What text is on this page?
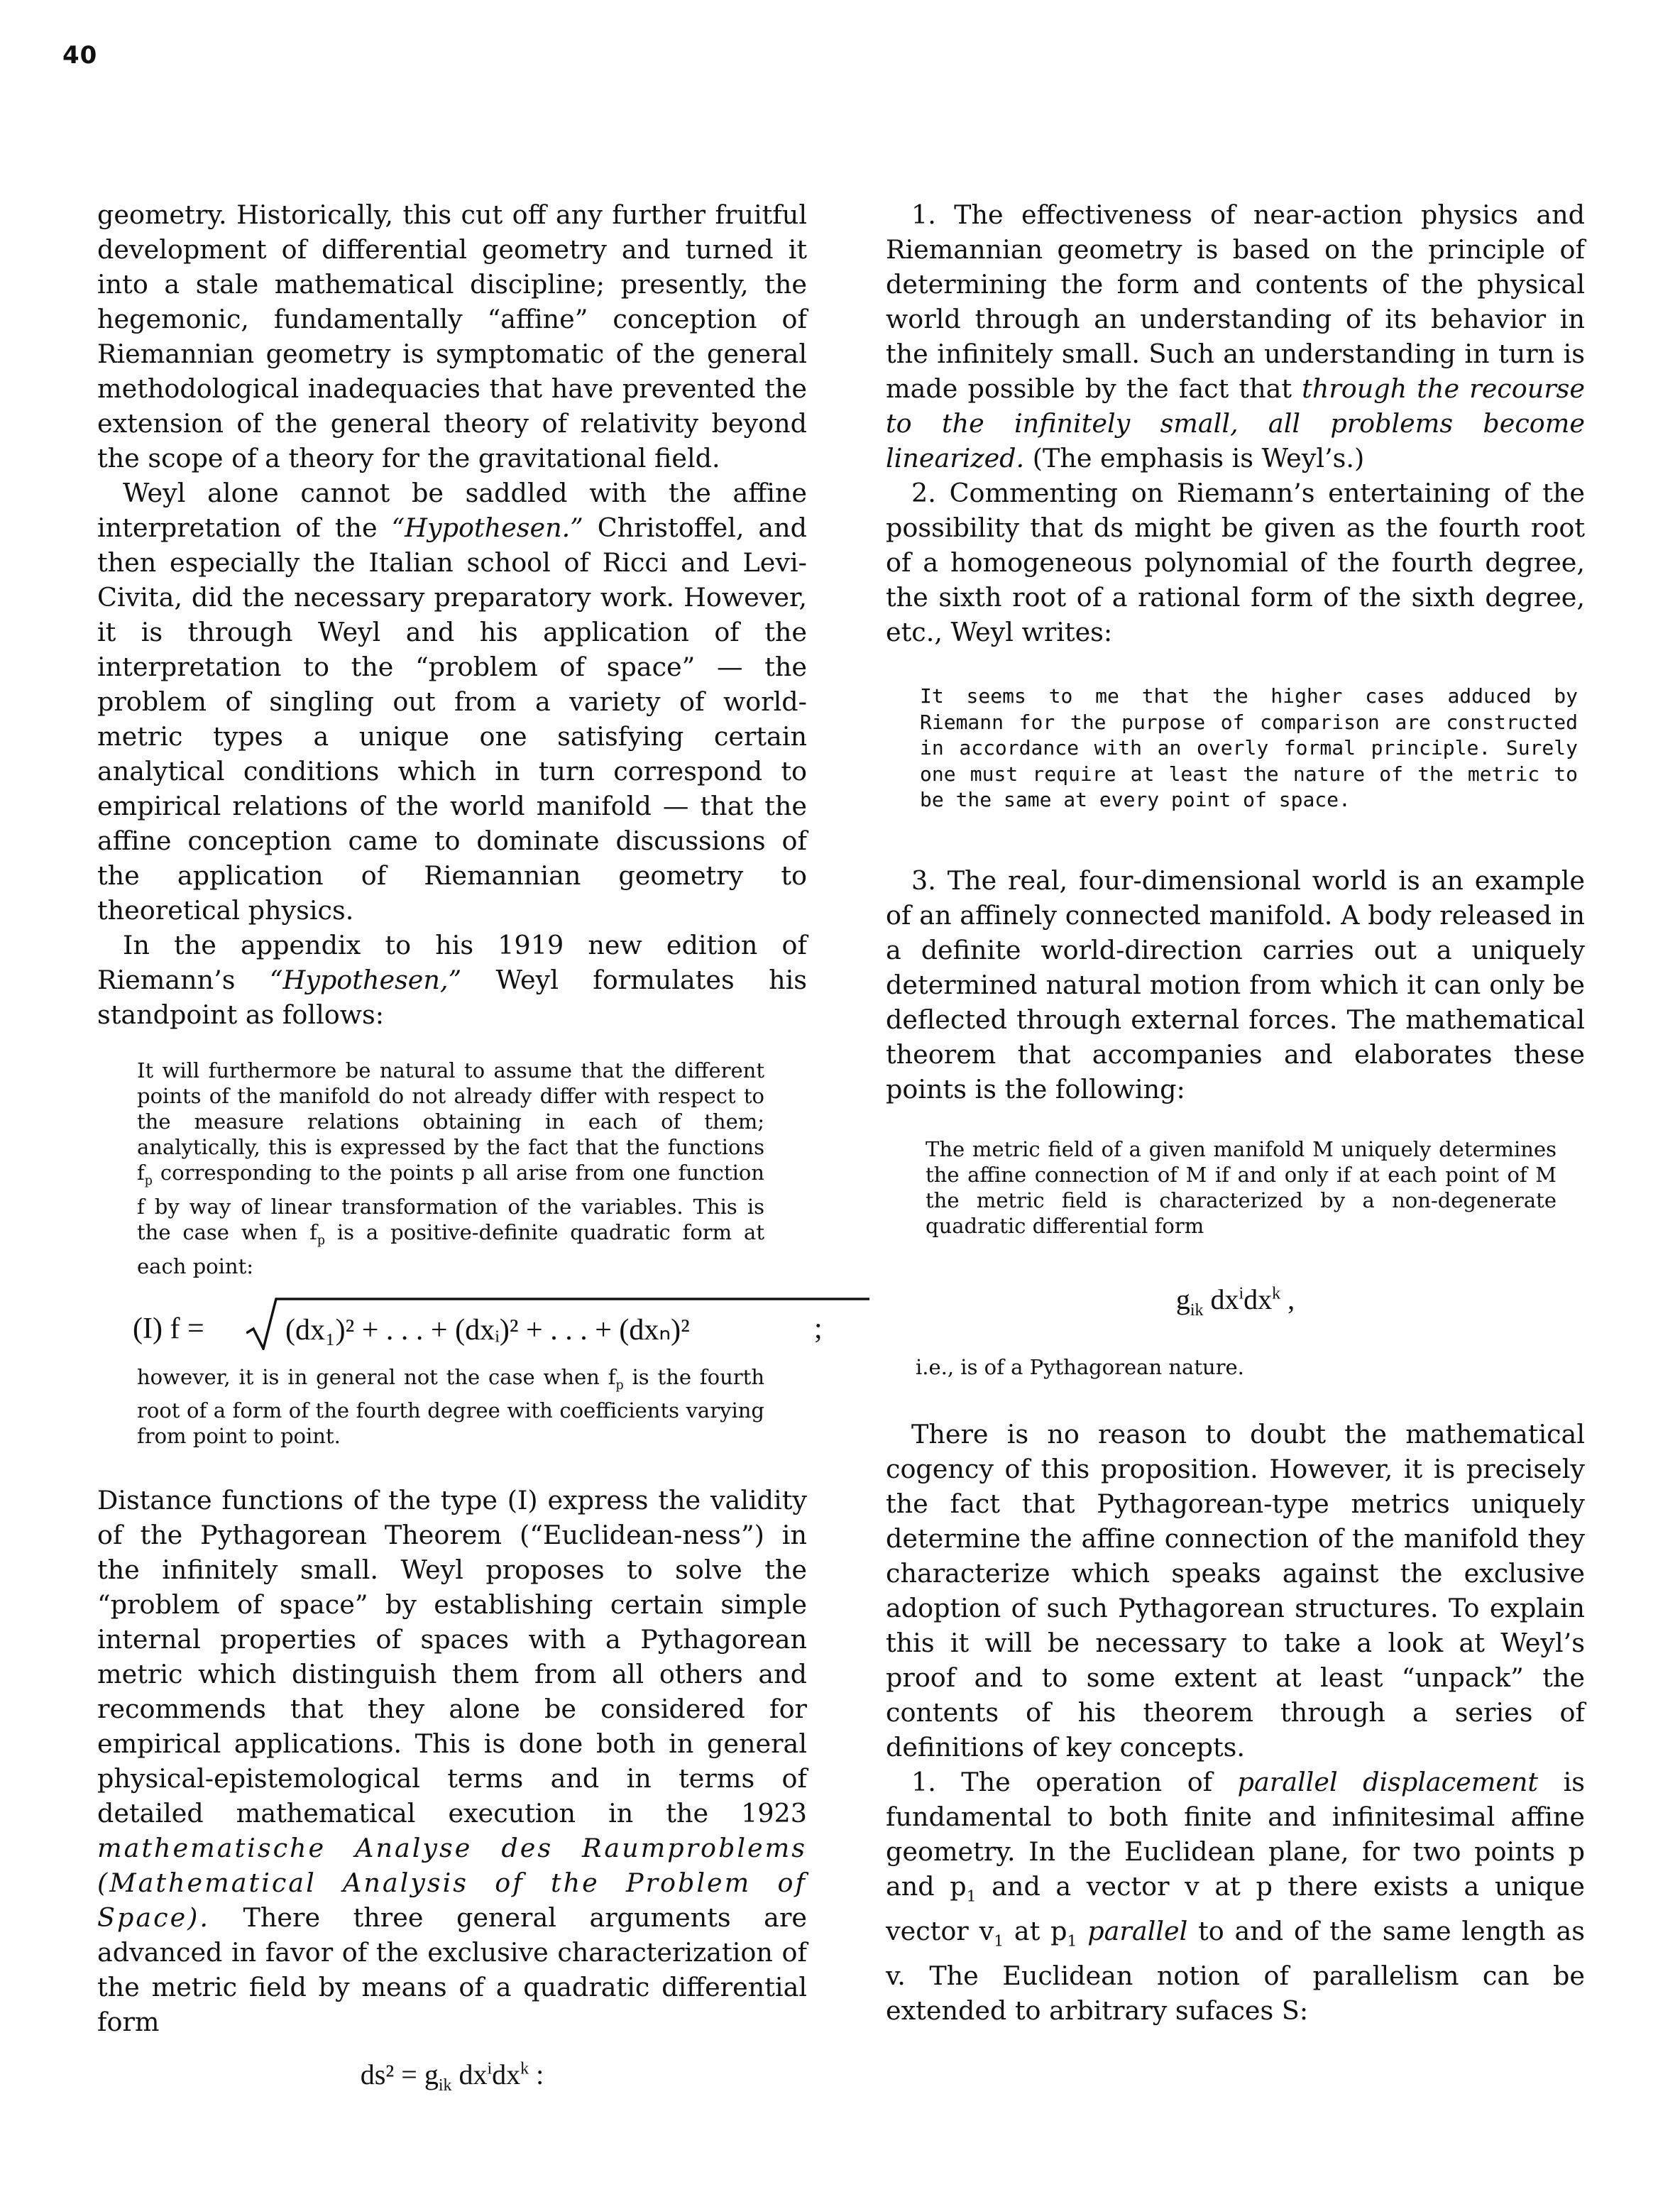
40

geometry. Historically, this cut off any further fruitful development of differential geometry and turned it into a stale mathematical discipline; presently, the hegemonic, fundamentally “affine” conception of Riemannian geometry is symptomatic of the general methodological inadequacies that have prevented the extension of the general theory of relativity beyond the scope of a theory for the gravitational field.

Weyl alone cannot be saddled with the affine interpretation of the “Hypothesen.” Christoffel, and then especially the Italian school of Ricci and Levi-Civita, did the necessary preparatory work. However, it is through Weyl and his application of the interpretation to the “problem of space” — the problem of singling out from a variety of world-metric types a unique one satisfying certain analytical conditions which in turn correspond to empirical relations of the world manifold — that the affine conception came to dominate discussions of the application of Riemannian geometry to theoretical physics.

In the appendix to his 1919 new edition of Riemann’s “Hypothesen,” Weyl formulates his standpoint as follows:

It will furthermore be natural to assume that the different points of the manifold do not already differ with respect to the measure relations obtaining in each of them; analytically, this is expressed by the fact that the functions $f_p$ corresponding to the points p all arise from one function f by way of linear transformation of the variables. This is the case when $f_p$ is a positive-definite quadratic form at each point:
(I) f =	(dx₁)² + . . . + (dxᵢ)² + . . . + (dxₙ)²	;
however, it is in general not the case when $f_p$ is the fourth root of a form of the fourth degree with coefficients varying from point to point.

Distance functions of the type (I) express the validity of the Pythagorean Theorem (“Euclidean-ness”) in the infinitely small. Weyl proposes to solve the “problem of space” by establishing certain simple internal properties of spaces with a Pythagorean metric which distinguish them from all others and recommends that they alone be considered for empirical applications. This is done both in general physical-epistemological terms and in terms of detailed mathematical execution in the 1923 mathematische Analyse des Raumproblems (Mathematical Analysis of the Problem of Space). There three general arguments are advanced in favor of the exclusive characterization of the metric field by means of a quadratic differential form

$ds^2 = g_{ik}$ $dx^idx^k$ :

1. The effectiveness of near-action physics and Riemannian geometry is based on the principle of determining the form and contents of the physical world through an understanding of its behavior in the infinitely small. Such an understanding in turn is made possible by the fact that through the recourse to the infinitely small, all problems become linearized. (The emphasis is Weyl’s.)

2. Commenting on Riemann’s entertaining of the possibility that ds might be given as the fourth root of a homogeneous polynomial of the fourth degree, the sixth root of a rational form of the sixth degree, etc., Weyl writes:

It seems to me that the higher cases adduced by Riemann for the purpose of comparison are constructed in accordance with an overly formal principle. Surely one must require at least the nature of the metric to be the same at every point of space.

3. The real, four-dimensional world is an example of an affinely connected manifold. A body released in a definite world-direction carries out a uniquely determined natural motion from which it can only be deflected through external forces. The mathematical theorem that accompanies and elaborates these points is the following:

The metric field of a given manifold M uniquely determines the affine connection of M if and only if at each point of M the metric field is characterized by a non-degenerate quadratic differential form
$g_{ik}$ $dx^idx^k$ ,
i.e., is of a Pythagorean nature.

There is no reason to doubt the mathematical cogency of this proposition. However, it is precisely the fact that Pythagorean-type metrics uniquely determine the affine connection of the manifold they characterize which speaks against the exclusive adoption of such Pythagorean structures. To explain this it will be necessary to take a look at Weyl’s proof and to some extent at least “unpack” the contents of his theorem through a series of definitions of key concepts.

1. The operation of parallel displacement is fundamental to both finite and infinitesimal affine geometry. In the Euclidean plane, for two points p and $p_1$ and a vector v at p there exists a unique vector $v_1$ at $p_1$ parallel to and of the same length as v. The Euclidean notion of parallelism can be extended to arbitrary sufaces S:
